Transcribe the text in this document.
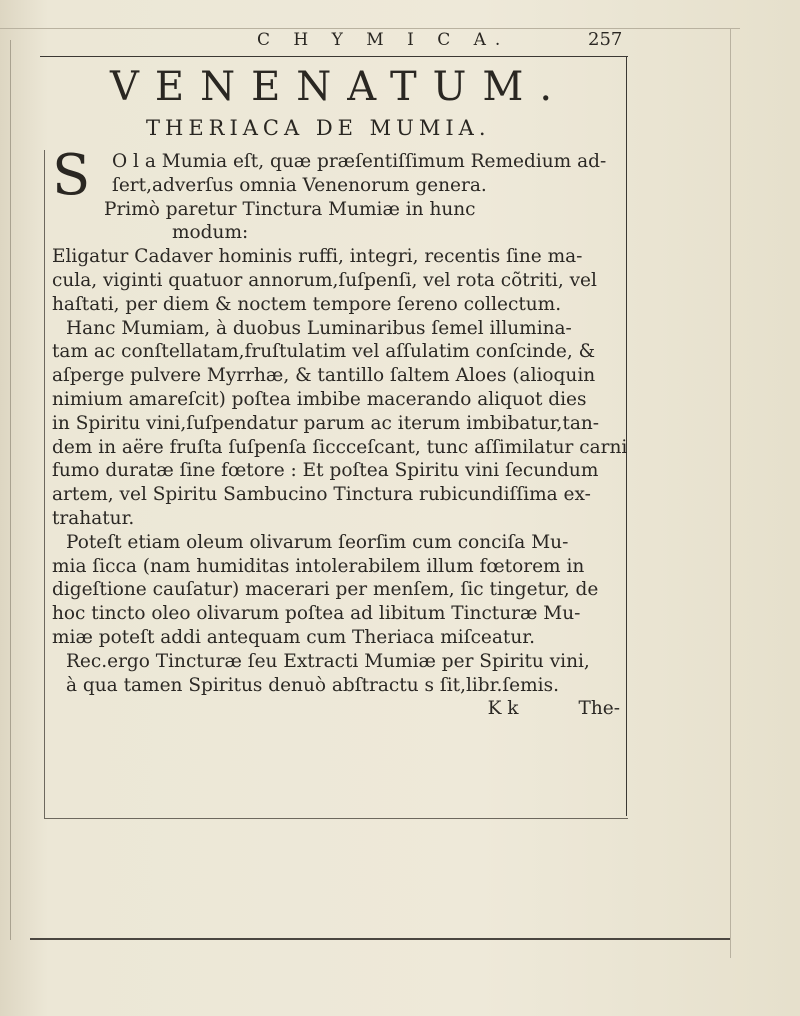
C H Y M I C A.	257
VENENATUM.
THERIACA DE MUMIA.
S	O l a Mumia eſt, quæ præſentiſſimum Remedium ad-
ſert,adverſus omnia Venenorum genera.
Primò paretur Tinctura Mumiæ in hunc
modum:
Eligatur Cadaver hominis ruffi, integri, recentis ſine ma-
cula, viginti quatuor annorum,ſuſpenſi, vel rota cõtriti, vel
haſtati, per diem & noctem tempore ſereno collectum.
Hanc Mumiam, à duobus Luminaribus ſemel illumina-
tam ac conſtellatam,fruſtulatim vel aſſulatim conſcinde, &
aſperge pulvere Myrrhæ, & tantillo ſaltem Aloes (alioquin
nimium amareſcit) poſtea imbibe macerando aliquot dies
in Spiritu vini,ſuſpendatur parum ac iterum imbibatur,tan-
dem in aëre fruſta ſuſpenſa ſiccceſcant, tunc aſſimilatur carni
fumo duratæ ſine fœtore : Et poſtea Spiritu vini ſecundum
artem, vel Spiritu Sambucino Tinctura rubicundiſſima ex-
trahatur.
Poteſt etiam oleum olivarum ſeorſim cum conciſa Mu-
mia ſicca (nam humiditas intolerabilem illum fœtorem in
digeſtione cauſatur) macerari per menſem, ſic tingetur, de
hoc tincto oleo olivarum poſtea ad libitum Tincturæ Mu-
miæ poteſt addi antequam cum Theriaca miſceatur.
Rec.ergo Tincturæ ſeu Extracti Mumiæ per Spiritu vini,
à qua tamen Spiritus denuò abſtractu s ſit,libr.ſemis.
K k	The-
